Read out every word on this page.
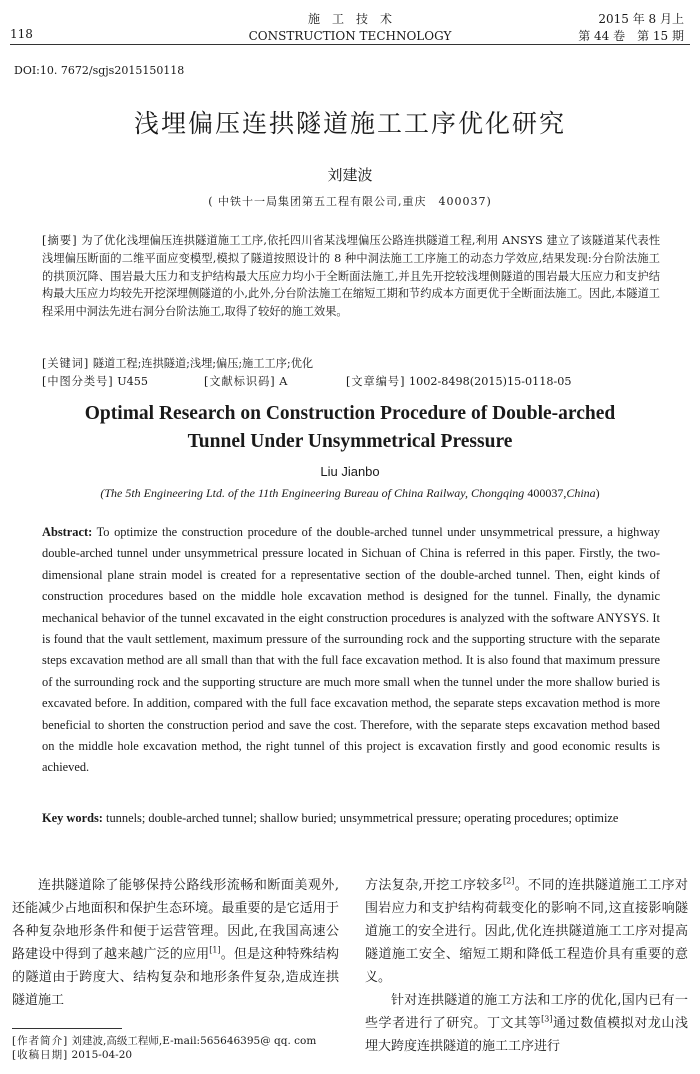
118
施　工　技　术
CONSTRUCTION TECHNOLOGY
2015 年 8 月上
第 44 卷　第 15 期
DOI:10. 7672/sgjs2015150118
浅埋偏压连拱隧道施工工序优化研究
刘建波
( 中铁十一局集团第五工程有限公司,重庆　400037)
[摘要] 为了优化浅埋偏压连拱隧道施工工序,依托四川省某浅埋偏压公路连拱隧道工程,利用 ANSYS 建立了该隧道某代表性浅埋偏压断面的二维平面应变模型,模拟了隧道按照设计的 8 种中洞法施工工序施工的动态力学效应,结果发现:分台阶法施工的拱顶沉降、围岩最大压力和支护结构最大压应力均小于全断面法施工,并且先开挖较浅埋侧隧道的围岩最大压应力和支护结构最大压应力均较先开挖深埋侧隧道的小,此外,分台阶法施工在缩短工期和节约成本方面更优于全断面法施工。因此,本隧道工程采用中洞法先进右洞分台阶法施工,取得了较好的施工效果。
[关键词] 隧道工程;连拱隧道;浅埋;偏压;施工工序;优化
[中图分类号] U455	[文献标识码] A	[文章编号] 1002-8498(2015)15-0118-05
Optimal Research on Construction Procedure of Double-arched
Tunnel Under Unsymmetrical Pressure
Liu Jianbo
(The 5th Engineering Ltd. of the 11th Engineering Bureau of China Railway, Chongqing 400037,China)
Abstract: To optimize the construction procedure of the double-arched tunnel under unsymmetrical pressure, a highway double-arched tunnel under unsymmetrical pressure located in Sichuan of China is referred in this paper. Firstly, the two-dimensional plane strain model is created for a representative section of the double-arched tunnel. Then, eight kinds of construction procedures based on the middle hole excavation method is designed for the tunnel. Finally, the dynamic mechanical behavior of the tunnel excavated in the eight construction procedures is analyzed with the software ANYSYS. It is found that the vault settlement, maximum pressure of the surrounding rock and the supporting structure with the separate steps excavation method are all small than that with the full face excavation method. It is also found that maximum pressure of the surrounding rock and the supporting structure are much more small when the tunnel under the more shallow buried is excavated before. In addition, compared with the full face excavation method, the separate steps excavation method is more beneficial to shorten the construction period and save the cost. Therefore, with the separate steps excavation method based on the middle hole excavation method, the right tunnel of this project is excavation firstly and good economic results is achieved.
Key words: tunnels; double-arched tunnel; shallow buried; unsymmetrical pressure; operating procedures; optimize

连拱隧道除了能够保持公路线形流畅和断面美观外,还能减少占地面积和保护生态环境。最重要的是它适用于各种复杂地形条件和便于运营管理。因此,在我国高速公路建设中得到了越来越广泛的应用[1]。但是这种特殊结构的隧道由于跨度大、结构复杂和地形条件复杂,造成连拱隧道施工

方法复杂,开挖工序较多[2]。不同的连拱隧道施工工序对围岩应力和支护结构荷载变化的影响不同,这直接影响隧道施工的安全进行。因此,优化连拱隧道施工工序对提高隧道施工安全、缩短工期和降低工程造价具有重要的意义。

针对连拱隧道的施工方法和工序的优化,国内已有一些学者进行了研究。丁文其等[3]通过数值模拟对龙山浅埋大跨度连拱隧道的施工工序进行

[作者简介] 刘建波,高级工程师,E-mail:565646395@ qq. com
[收稿日期] 2015-04-20
